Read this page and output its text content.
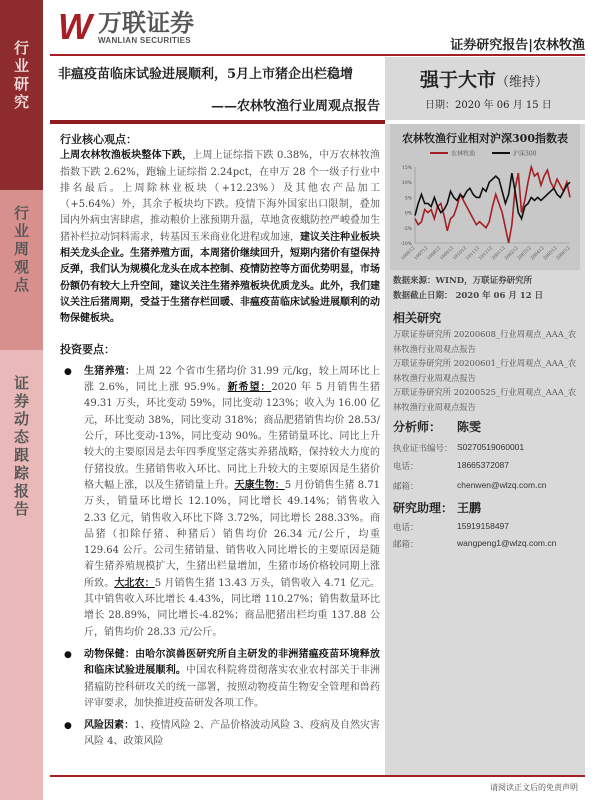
行业研究
行业周观点
证券动态跟踪报告
W 万联证券
WANLIAN SECURITIES	证券研究报告|农林牧渔
非瘟疫苗临床试验进展顺利，5月上市猪企出栏稳增
——农林牧渔行业周观点报告
强于大市（维持）
日期：2020 年 06 月 15 日
行业核心观点：

上周农林牧渔板块整体下跌，上周上证综指下跌 0.38%，中万农林牧渔指数下跌 2.62%，跑输上证综指 2.24pct，在申万 28 个一级子行业中排名最后。上周除林业板块（+12.23%）及其他农产品加工（+5.64%）外，其余子板块均下跌。疫情下海外国家出口限制，叠加国内外病虫害肆虐，推动粮价上涨预期升温，草地贪夜蛾防控严峻叠加生猪补栏拉动饲料需求，转基因玉米商业化进程或加速，建议关注种业板块相关龙头企业。生猪养殖方面，本周猪价继续回升，短期内猪价有望保持反弹，我们认为规模化龙头在成本控制、疫情防控等方面优势明显，市场份额仍有较大上升空间，建议关注生猪养殖板块优质龙头。此外，我们建议关注后猪周期，受益于生猪存栏回暖、非瘟疫苗临床试验进展顺利的动物保健板块。

投资要点：

● 生猪养殖：上周 22 个省市生猪均价 31.99 元/kg，较上周环比上涨 2.6%，同比上涨 95.9%。新希望：2020 年 5 月销售生猪 49.31 万头，环比变动 59%，同比变动 123%；收入为 16.00 亿元，环比变动 38%，同比变动 318%；商品肥猪销售均价 28.53/公斤，环比变动-13%，同比变动 90%。生猪销量环比、同比上升较大的主要原因是去年四季度坚定落实养猪战略，保持较大力度的仔猪投放。生猪销售收入环比、同比上升较大的主要原因是生猪价格大幅上涨，以及生猪销量上升。天康生物：5 月份销售生猪 8.71 万头，销量环比增长 12.10%，同比增长 49.14%；销售收入 2.33 亿元，销售收入环比下降 3.72%，同比增长 288.33%。商品猪（扣除仔猪、种猪后）销售均价 26.34 元/公斤，均重 129.64 公斤。公司生猪销量、销售收入同比增长的主要原因是随着生猪养殖规模扩大，生猪出栏量增加，生猪市场价格较同期上涨所致。大北农：5 月销售生猪 13.43 万头，销售收入 4.71 亿元。其中销售收入环比增长 4.43%，同比增 110.27%；销售数量环比增长 28.89%，同比增长-4.82%；商品肥猪出栏均重 137.88 公斤，销售均价 28.33 元/公斤。

● 动物保健：由哈尔滨兽医研究所自主研发的非洲猪瘟疫苗环境释放和临床试验进展顺利。中国农科院将贯彻落实农业农村部关于非洲猪瘟防控科研攻关的统一部署，按照动物疫苗生物安全管理和兽药评审要求，加快推进疫苗研发各项工作。

● 风险因素：1、疫情风险 2、产品价格波动风险 3、疫病及自然灾害风险 4、政策风险

农林牧渔行业相对沪深300指数表
15%
10%
5%
0%
-5%
-10%
190612
190712
190812
190912
191012
191112
191212
200112
200212
200312
200412
200512
200612
农林牧渔	沪深300
数据来源：WIND，万联证券研究所
数据截止日期： 2020 年 06 月 12 日
相关研究
万联证券研究所 20200608_行业周观点_AAA_农林牧渔行业周观点报告
万联证券研究所 20200601_行业周观点_AAA_农林牧渔行业周观点报告
万联证券研究所 20200525_行业周观点_AAA_农林牧渔行业周观点报告
分析师：	陈雯
执业证书编号： S0270519060001
电话：	18665372087
邮箱：	chenwen@wlzq.com.cn
研究助理： 王鹏
电话：	15919158497
邮箱：	wangpeng1@wlzq.com.cn
请阅读正文后的免责声明
